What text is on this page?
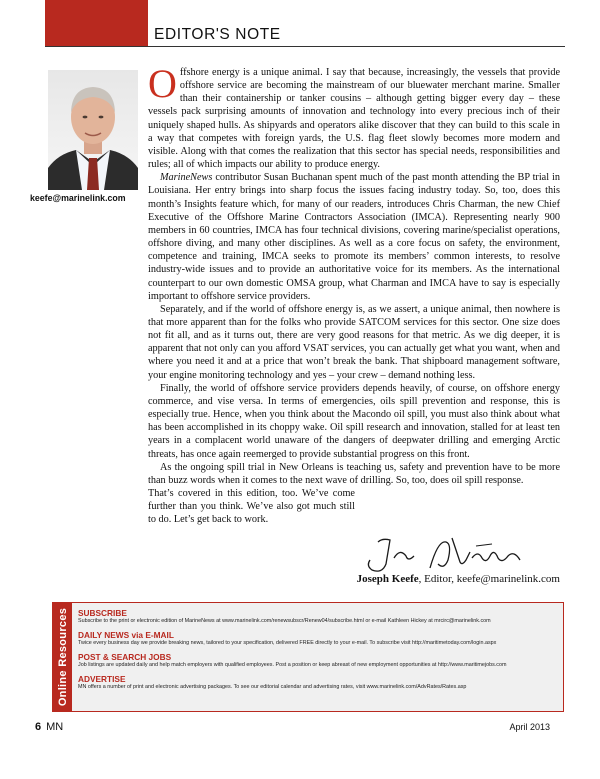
EDITOR'S NOTE
keefe@marinelink.com

Offshore energy is a unique animal. I say that because, increasingly, the vessels that provide offshore service are becoming the mainstream of our bluewater merchant marine. Smaller than their containership or tanker cousins – although getting bigger every day – these vessels pack surprising amounts of innovation and technology into every precious inch of their uniquely shaped hulls. As shipyards and operators alike discover that they can build to this scale in a way that competes with foreign yards, the U.S. flag fleet slowly becomes more modern and visible. Along with that comes the realization that this sector has special needs, responsibilities and rules; all of which impacts our ability to produce energy.

MarineNews contributor Susan Buchanan spent much of the past month attending the BP trial in Louisiana. Her entry brings into sharp focus the issues facing industry today. So, too, does this month’s Insights feature which, for many of our readers, introduces Chris Charman, the new Chief Executive of the Offshore Marine Contractors Association (IMCA). Representing nearly 900 members in 60 countries, IMCA has four technical divisions, covering marine/specialist operations, offshore diving, and many other disciplines. As well as a core focus on safety, the environment, competence and training, IMCA seeks to promote its members’ common interests, to resolve industry-wide issues and to provide an authoritative voice for its members. As the international counterpart to our own domestic OMSA group, what Charman and IMCA have to say is especially important to offshore service providers.

Separately, and if the world of offshore energy is, as we assert, a unique animal, then nowhere is that more apparent than for the folks who provide SATCOM services for this sector. One size does not fit all, and as it turns out, there are very good reasons for that metric. As we dig deeper, it is apparent that not only can you afford VSAT services, you can actually get what you want, when and where you need it and at a price that won’t break the bank. That shipboard management software, your engine monitoring technology and yes – your crew – demand nothing less.

Finally, the world of offshore service providers depends heavily, of course, on offshore energy commerce, and vise versa. In terms of emergencies, oils spill prevention and response, this is especially true. Hence, when you think about the Macondo oil spill, you must also think about what has been accomplished in its choppy wake. Oil spill research and innovation, stalled for at least ten years in a complacent world unaware of the dangers of deepwater drilling and emerging Arctic threats, has once again reemerged to provide substantial progress on this front.

As the ongoing spill trial in New Orleans is teaching us, safety and prevention have to be more than buzz words when it comes to the next wave of drilling. So, too, does oil spill response.

That’s covered in this edition, too. We’ve come further than you think. We’ve also got much still to do. Let’s get back to work.

Joseph Keefe, Editor, keefe@marinelink.com
Online Resources SUBSCRIBE
Subscribe to the print or electronic edition of MarineNews at www.marinelink.com/renewsubscr/Renew04/subscribe.html or e-mail Kathleen Hickey at mrcirc@marinelink.com
DAILY NEWS via E-MAIL
Twice every business day we provide breaking news, tailored to your specification, delivered FREE directly to your e-mail. To subscribe visit http://maritimetoday.com/login.aspx
POST & SEARCH JOBS
Job listings are updated daily and help match employers with qualified employees. Post a position or keep abreast of new employment opportunities at http://www.maritimejobs.com
ADVERTISE
MN offers a number of print and electronic advertising packages. To see our editorial calendar and advertising rates, visit www.marinelink.com/AdvRates/Rates.asp
6 MN	April 2013
